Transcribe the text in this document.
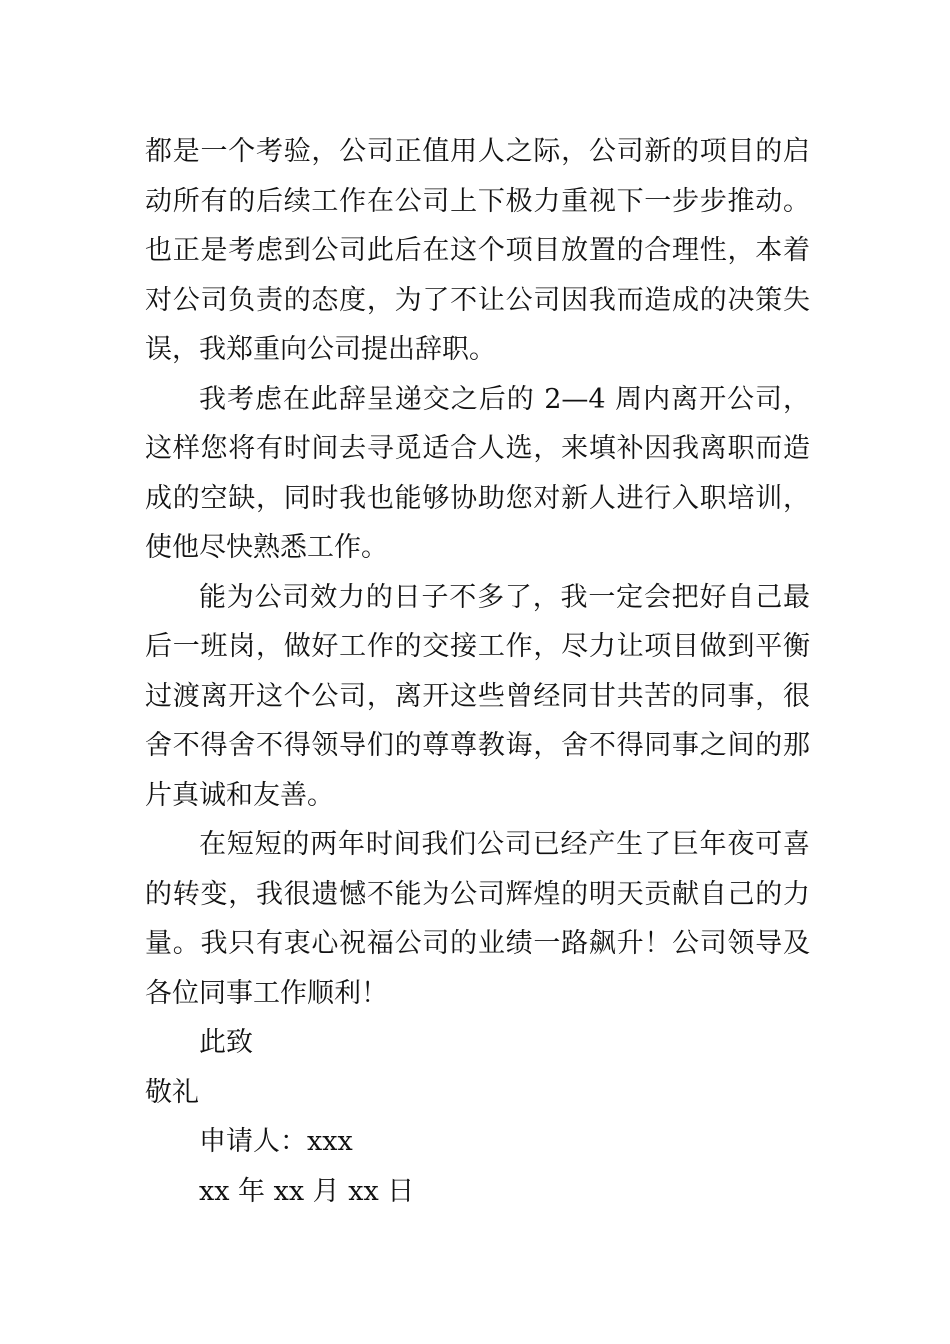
都是一个考验，公司正值用人之际，公司新的项目的启动所有的后续工作在公司上下极力重视下一步步推动。也正是考虑到公司此后在这个项目放置的合理性，本着对公司负责的态度，为了不让公司因我而造成的决策失误，我郑重向公司提出辞职。

我考虑在此辞呈递交之后的 2—4 周内离开公司，这样您将有时间去寻觅适合人选，来填补因我离职而造成的空缺，同时我也能够协助您对新人进行入职培训，使他尽快熟悉工作。

能为公司效力的日子不多了，我一定会把好自己最后一班岗，做好工作的交接工作，尽力让项目做到平衡过渡离开这个公司，离开这些曾经同甘共苦的同事，很舍不得舍不得领导们的尊尊教诲，舍不得同事之间的那片真诚和友善。

在短短的两年时间我们公司已经产生了巨年夜可喜的转变，我很遗憾不能为公司辉煌的明天贡献自己的力量。我只有衷心祝福公司的业绩一路飙升！公司领导及各位同事工作顺利！

此致

敬礼

申请人：xxx

xx 年 xx 月 xx 日
